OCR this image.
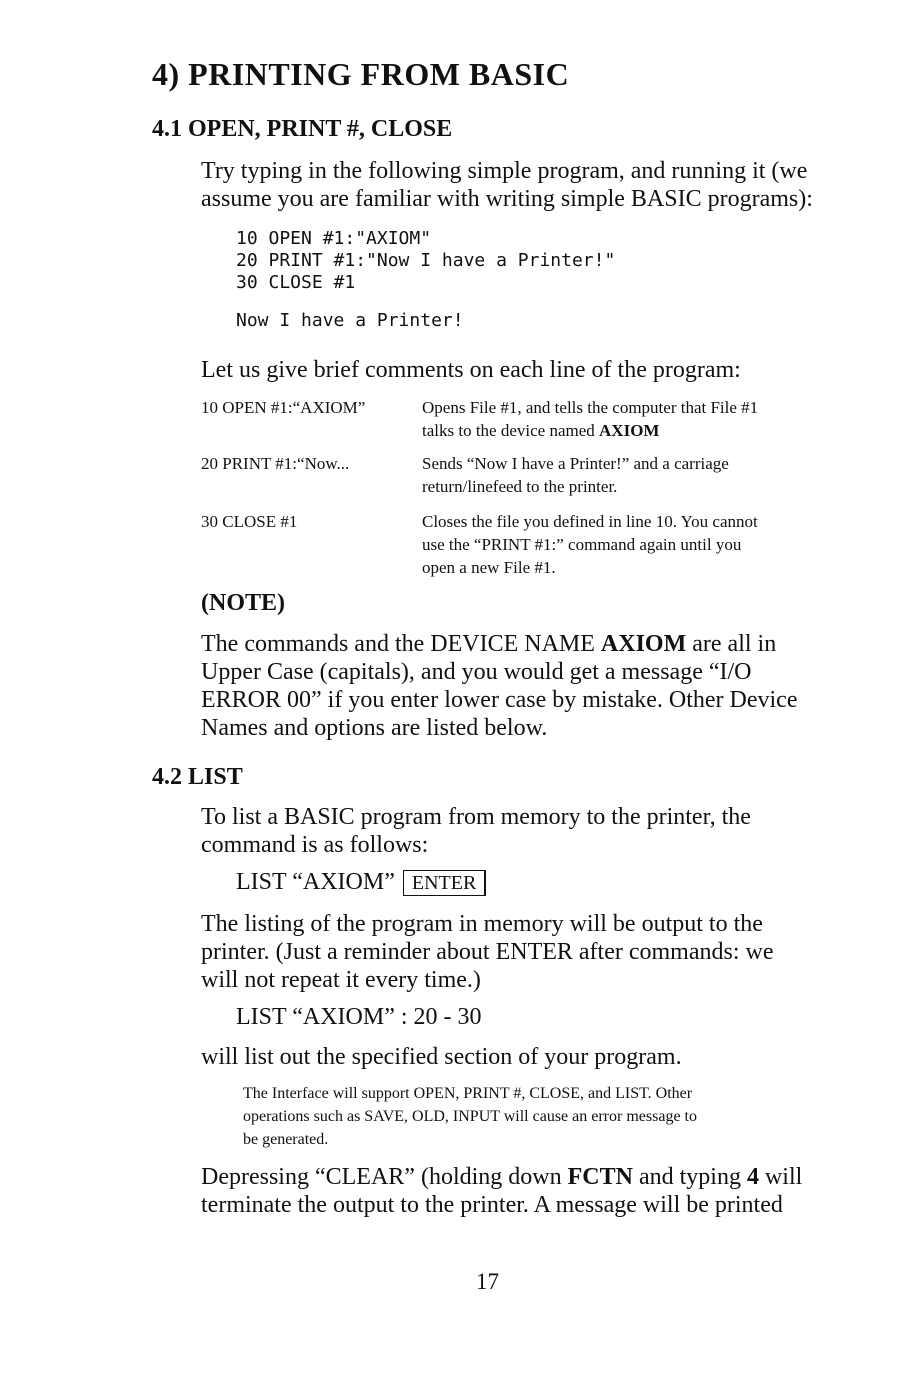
4) PRINTING FROM BASIC
4.1 OPEN, PRINT #, CLOSE
Try typing in the following simple program, and running it (we
assume you are familiar with writing simple BASIC programs):
10 OPEN #1:"AXIOM"
20 PRINT #1:"Now I have a Printer!"
30 CLOSE #1
Now I have a Printer!
Let us give brief comments on each line of the program:
10 OPEN #1:“AXIOM”	Opens File #1, and tells the computer that File #1
talks to the device named AXIOM
20 PRINT #1:“Now...	Sends “Now I have a Printer!” and a carriage
return/linefeed to the printer.
30 CLOSE #1	Closes the file you defined in line 10. You cannot
use the “PRINT #1:” command again until you
open a new File #1.
(NOTE)
The commands and the DEVICE NAME AXIOM are all in
Upper Case (capitals), and you would get a message “I/O
ERROR 00” if you enter lower case by mistake. Other Device
Names and options are listed below.
4.2 LIST
To list a BASIC program from memory to the printer, the
command is as follows:
LIST “AXIOM” ENTER
The listing of the program in memory will be output to the
printer. (Just a reminder about ENTER after commands: we
will not repeat it every time.)
LIST “AXIOM” : 20 - 30
will list out the specified section of your program.
The Interface will support OPEN, PRINT #, CLOSE, and LIST. Other
operations such as SAVE, OLD, INPUT will cause an error message to
be generated.
Depressing “CLEAR” (holding down FCTN and typing 4 will
terminate the output to the printer. A message will be printed
17
